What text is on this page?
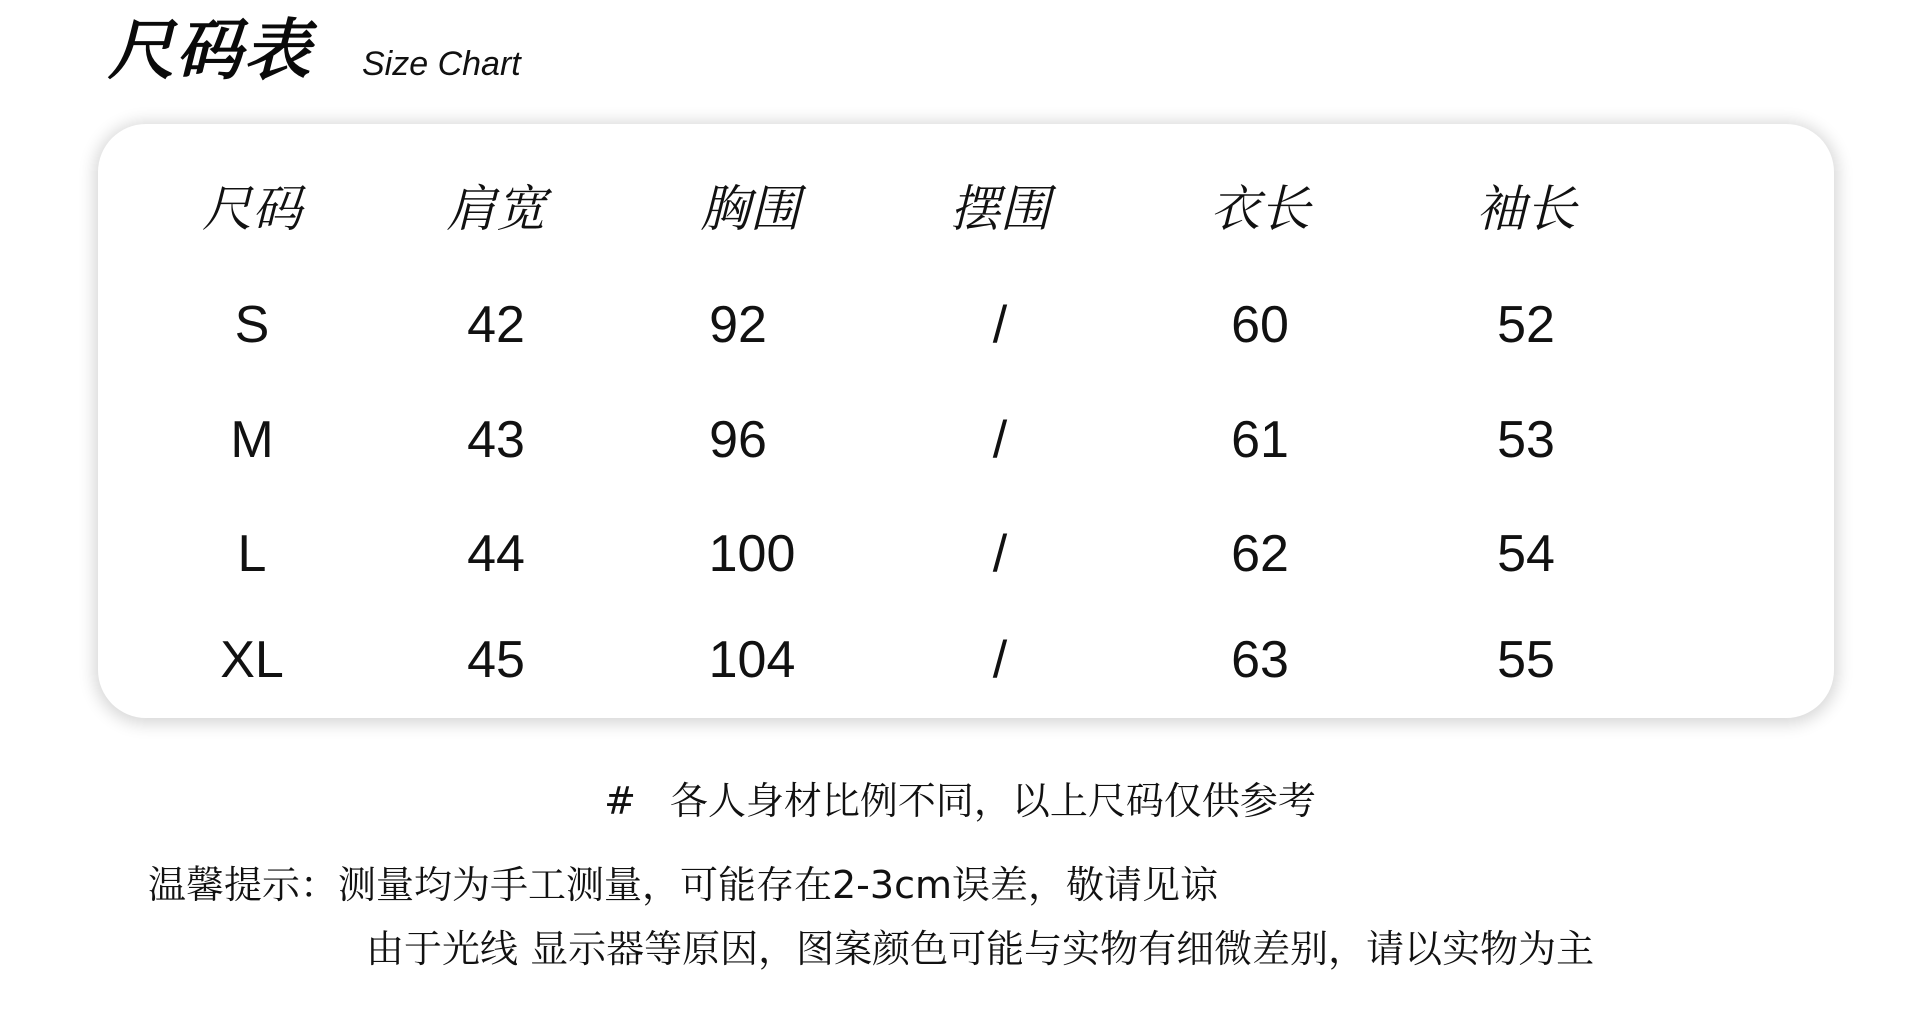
尺码表 Size Chart
尺码	肩宽	胸围	摆围	衣长	袖长
S	42	92	/	60	52
M	43	96	/	61	53
L	44	100	/	62	54
XL	45	104	/	63	55
# 各人身材比例不同，以上尺码仅供参考
温馨提示：测量均为手工测量，可能存在2-3cm误差，敬请见谅
由于光线 显示器等原因，图案颜色可能与实物有细微差别，请以实物为主
